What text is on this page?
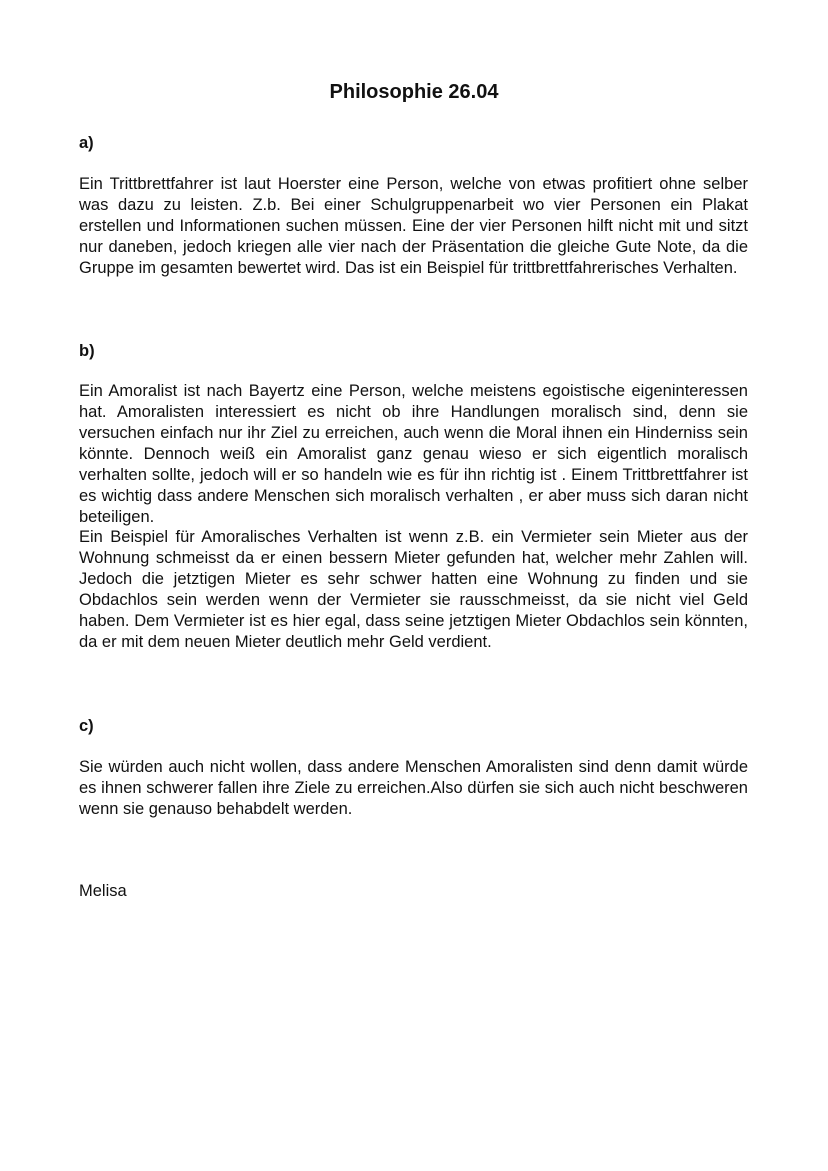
Philosophie 26.04
a)

Ein Trittbrettfahrer ist laut Hoerster eine Person, welche von etwas profitiert ohne selber was dazu zu leisten. Z.b. Bei einer Schulgruppenarbeit wo vier Personen ein Plakat erstellen und Informationen suchen müssen. Eine der vier Personen hilft nicht mit und sitzt nur daneben, jedoch kriegen alle vier nach der Präsentation die gleiche Gute Note, da die Gruppe im gesamten bewertet wird. Das ist ein Beispiel für trittbrettfahrerisches Verhalten.

b)

Ein Amoralist ist nach Bayertz eine Person, welche meistens egoistische eigeninteressen hat. Amoralisten interessiert es nicht ob ihre Handlungen moralisch sind, denn sie versuchen einfach nur ihr Ziel zu erreichen, auch wenn die Moral ihnen ein Hinderniss sein könnte. Dennoch weiß ein Amoralist ganz genau wieso er sich eigentlich moralisch verhalten sollte, jedoch will er so handeln wie es für ihn richtig ist . Einem Trittbrettfahrer ist es wichtig dass andere Menschen sich moralisch verhalten , er aber muss sich daran nicht beteiligen.

Ein Beispiel für Amoralisches Verhalten ist wenn z.B. ein Vermieter sein Mieter aus der Wohnung schmeisst da er einen bessern Mieter gefunden hat, welcher mehr Zahlen will. Jedoch die jetztigen Mieter es sehr schwer hatten eine Wohnung zu finden und sie Obdachlos sein werden wenn der Vermieter sie rausschmeisst, da sie nicht viel Geld haben. Dem Vermieter ist es hier egal, dass seine jetztigen Mieter Obdachlos sein könnten, da er mit dem neuen Mieter deutlich mehr Geld verdient.

c)

Sie würden auch nicht wollen, dass andere Menschen Amoralisten sind denn damit würde es ihnen schwerer fallen ihre Ziele zu erreichen.Also dürfen sie sich auch nicht beschweren wenn sie genauso behabdelt werden.

Melisa
